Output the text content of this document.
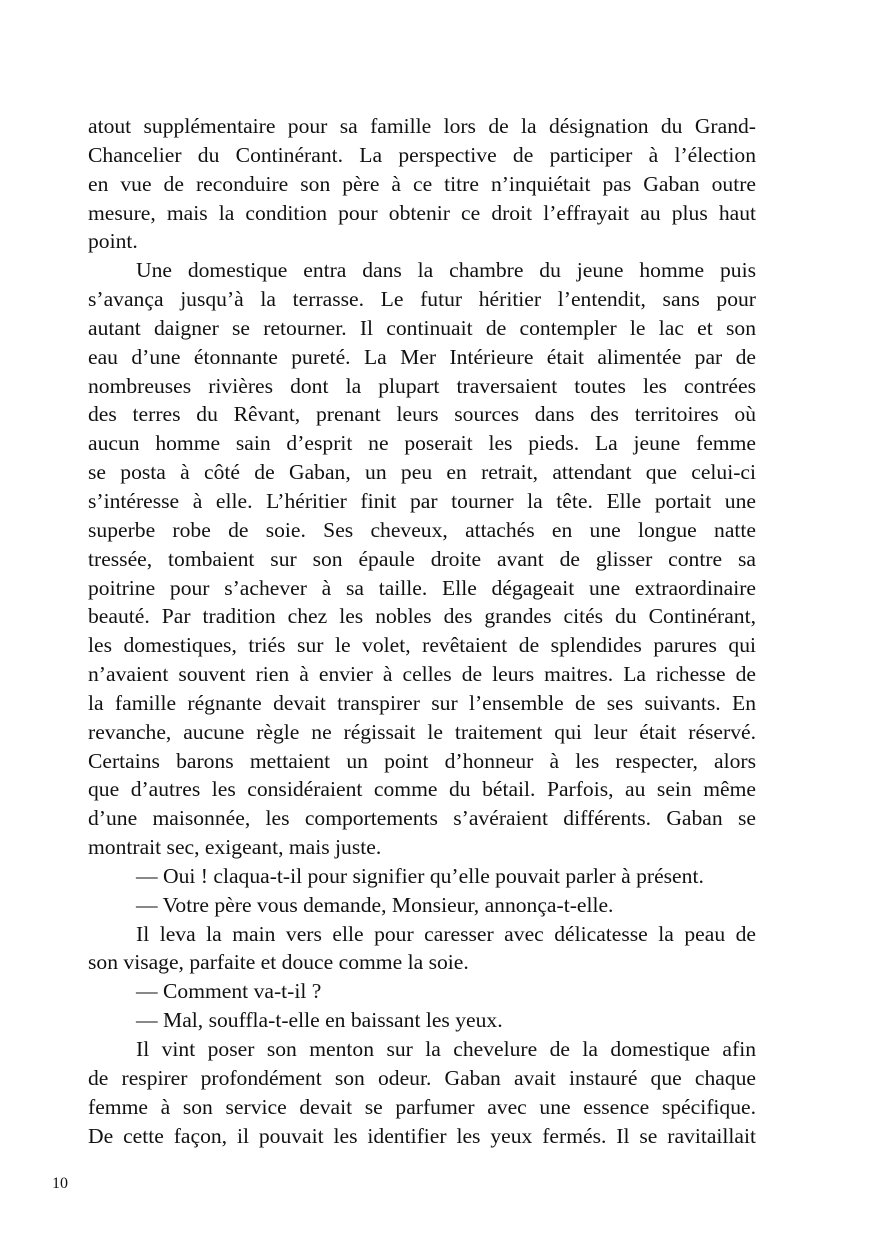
atout supplémentaire pour sa famille lors de la désignation du Grand-
Chancelier du Continérant. La perspective de participer à l’élection
en vue de reconduire son père à ce titre n’inquiétait pas Gaban outre
mesure, mais la condition pour obtenir ce droit l’effrayait au plus haut
point.
Une domestique entra dans la chambre du jeune homme puis
s’avança jusqu’à la terrasse. Le futur héritier l’entendit, sans pour
autant daigner se retourner. Il continuait de contempler le lac et son
eau d’une étonnante pureté. La Mer Intérieure était alimentée par de
nombreuses rivières dont la plupart traversaient toutes les contrées
des terres du Rêvant, prenant leurs sources dans des territoires où
aucun homme sain d’esprit ne poserait les pieds. La jeune femme
se posta à côté de Gaban, un peu en retrait, attendant que celui-ci
s’intéresse à elle. L’héritier finit par tourner la tête. Elle portait une
superbe robe de soie. Ses cheveux, attachés en une longue natte
tressée, tombaient sur son épaule droite avant de glisser contre sa
poitrine pour s’achever à sa taille. Elle dégageait une extraordinaire
beauté. Par tradition chez les nobles des grandes cités du Continérant,
les domestiques, triés sur le volet, revêtaient de splendides parures qui
n’avaient souvent rien à envier à celles de leurs maitres. La richesse de
la famille régnante devait transpirer sur l’ensemble de ses suivants. En
revanche, aucune règle ne régissait le traitement qui leur était réservé.
Certains barons mettaient un point d’honneur à les respecter, alors
que d’autres les considéraient comme du bétail. Parfois, au sein même
d’une maisonnée, les comportements s’avéraient différents. Gaban se
montrait sec, exigeant, mais juste.
— Oui ! claqua-t-il pour signifier qu’elle pouvait parler à présent.
— Votre père vous demande, Monsieur, annonça-t-elle.
Il leva la main vers elle pour caresser avec délicatesse la peau de
son visage, parfaite et douce comme la soie.
— Comment va-t-il ?
— Mal, souffla-t-elle en baissant les yeux.
Il vint poser son menton sur la chevelure de la domestique afin
de respirer profondément son odeur. Gaban avait instauré que chaque
femme à son service devait se parfumer avec une essence spécifique.
De cette façon, il pouvait les identifier les yeux fermés. Il se ravitaillait
10
